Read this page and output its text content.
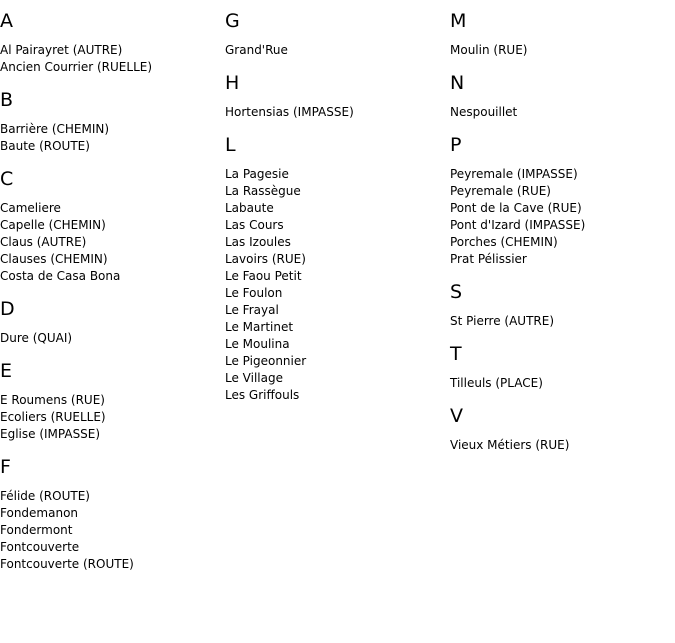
A
Al Pairayret (AUTRE)
Ancien Courrier (RUELLE)
B
Barrière (CHEMIN)
Baute (ROUTE)
C
Cameliere
Capelle (CHEMIN)
Claus (AUTRE)
Clauses (CHEMIN)
Costa de Casa Bona
D
Dure (QUAI)
E
E Roumens (RUE)
Ecoliers (RUELLE)
Eglise (IMPASSE)
F
Félide (ROUTE)
Fondemanon
Fondermont
Fontcouverte
Fontcouverte (ROUTE)
G
Grand'Rue
H
Hortensias (IMPASSE)
L
La Pagesie
La Rassègue
Labaute
Las Cours
Las Izoules
Lavoirs (RUE)
Le Faou Petit
Le Foulon
Le Frayal
Le Martinet
Le Moulina
Le Pigeonnier
Le Village
Les Griffouls
M
Moulin (RUE)
N
Nespouillet
P
Peyremale (IMPASSE)
Peyremale (RUE)
Pont de la Cave (RUE)
Pont d'Izard (IMPASSE)
Porches (CHEMIN)
Prat Pélissier
S
St Pierre (AUTRE)
T
Tilleuls (PLACE)
V
Vieux Métiers (RUE)
